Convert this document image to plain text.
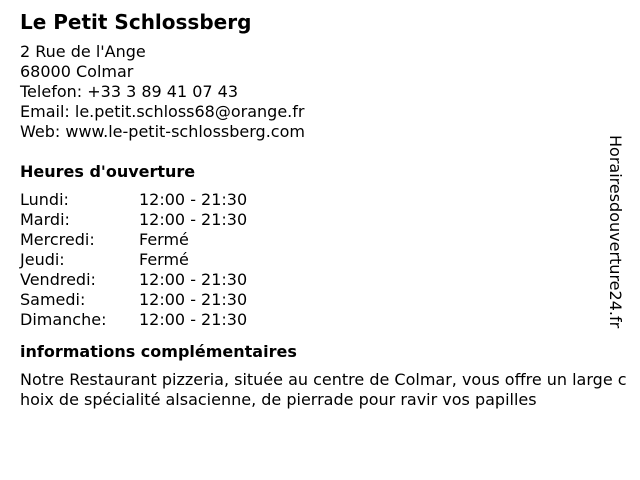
Le Petit Schlossberg
2 Rue de l'Ange
68000 Colmar
Telefon: +33 3 89 41 07 43
Email: le.petit.schloss68@orange.fr
Web: www.le-petit-schlossberg.com
Heures d'ouverture
Lundi:	12:00 - 21:30
Mardi:	12:00 - 21:30
Mercredi:	Fermé
Jeudi:	Fermé
Vendredi:	12:00 - 21:30
Samedi:	12:00 - 21:30
Dimanche:	12:00 - 21:30
informations complémentaires
Notre Restaurant pizzeria, située au centre de Colmar, vous offre un large choix de spécialité alsacienne, de pierrade pour ravir vos papilles
Horairesdouverture24.fr
